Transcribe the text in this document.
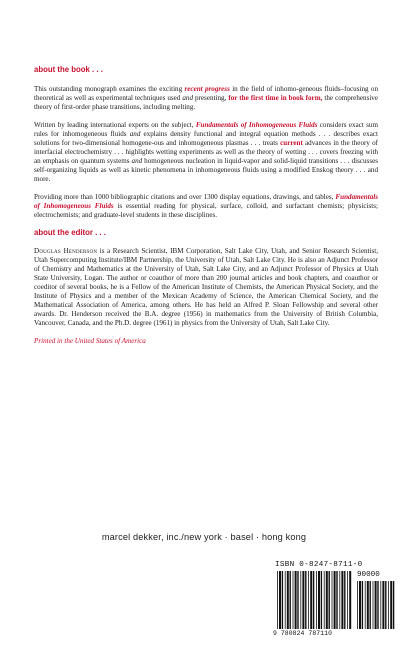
about the book . . .

This outstanding monograph examines the exciting recent progress in the field of inhomo-geneous fluids–focusing on theoretical as well as experimental techniques used and presenting, for the first time in book form, the comprehensive theory of first-order phase transitions, including melting.

Written by leading international experts on the subject, Fundamentals of Inhomogeneous Fluids considers exact sum rules for inhomogeneous fluids and explains density functional and integral equation methods . . . describes exact solutions for two-dimensional homogene-ous and inhomogeneous plasmas . . . treats current advances in the theory of interfacial electrochemistry . . . highlights wetting experiments as well as the theory of wetting . . . covers freezing with an emphasis on quantum systems and homogeneous nucleation in liquid-vapor and solid-liquid transitions . . . discusses self-organizing liquids as well as kinetic phenomena in inhomogeneous fluids using a modified Enskog theory . . . and more.

Providing more than 1000 bibliographic citations and over 1300 display equations, drawings, and tables, Fundamentals of Inhomogeneous Fluids is essential reading for physical, surface, colloid, and surfactant chemists; physicists; electrochemists; and graduate-level students in these disciplines.

about the editor . . .

Douglas Henderson is a Research Scientist, IBM Corporation, Salt Lake City, Utah, and Senior Research Scientist, Utah Supercomputing Institute/IBM Partnership, the University of Utah, Salt Lake City. He is also an Adjunct Professor of Chemistry and Mathematics at the University of Utah, Salt Lake City, and an Adjunct Professor of Physics at Utah State University, Logan. The author or coauthor of more than 200 journal articles and book chapters, and coauthor or coeditor of several books, he is a Fellow of the American Institute of Chemists, the American Physical Society, and the Institute of Physics and a member of the Mexican Academy of Science, the American Chemical Society, and the Mathematical Association of America, among others. He has held an Alfred P. Sloan Fellowship and several other awards. Dr. Henderson received the B.A. degree (1956) in mathematics from the University of British Columbia, Vancouver, Canada, and the Ph.D. degree (1961) in physics from the University of Utah, Salt Lake City.

Printed in the United States of America
marcel dekker, inc./new york · basel · hong kong
ISBN 0-8247-8711-0
90000
9 780824 787110
